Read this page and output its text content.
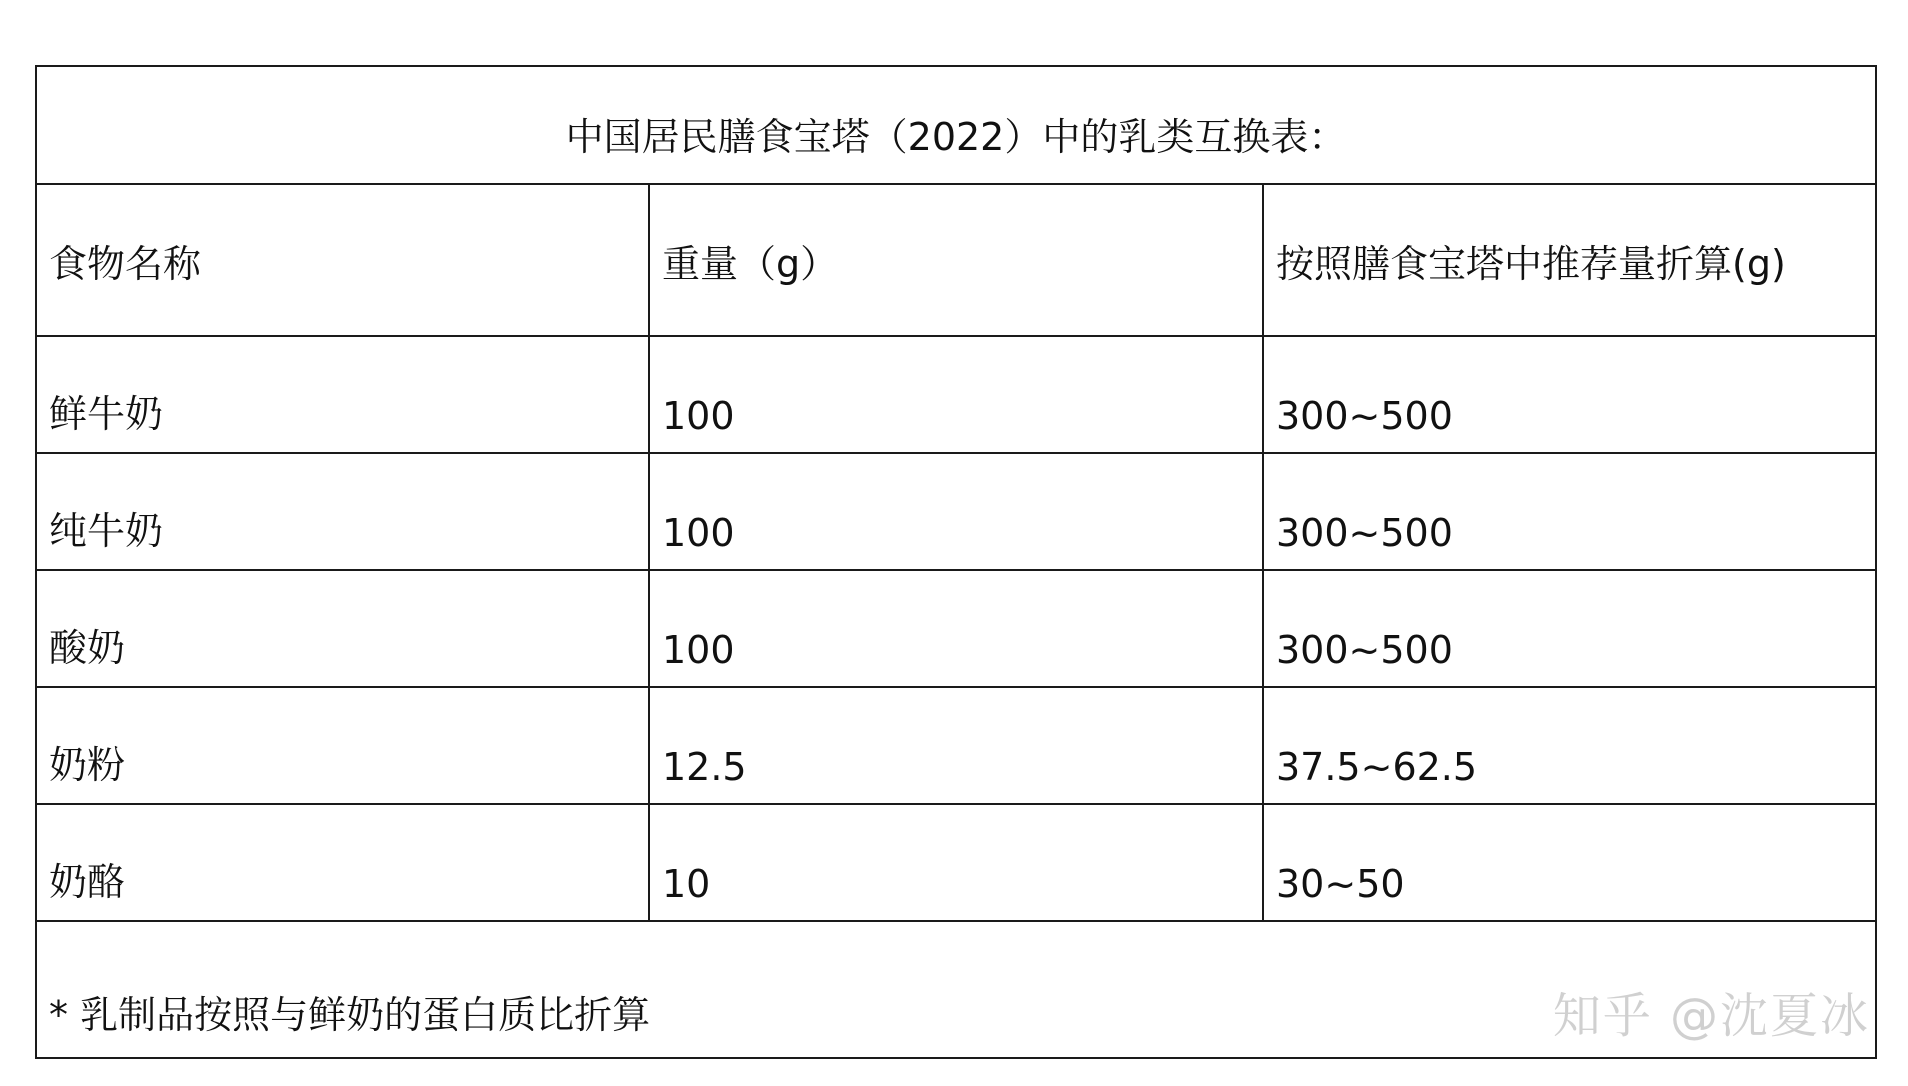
中国居民膳食宝塔（2022）中的乳类互换表：		
食物名称	重量（g）	按照膳食宝塔中推荐量折算(g)
鲜牛奶	100	300~500
纯牛奶	100	300~500
酸奶	100	300~500
奶粉	12.5	37.5~62.5
奶酪	10	30~50
* 乳制品按照与鲜奶的蛋白质比折算			知乎 @沈夏冰
